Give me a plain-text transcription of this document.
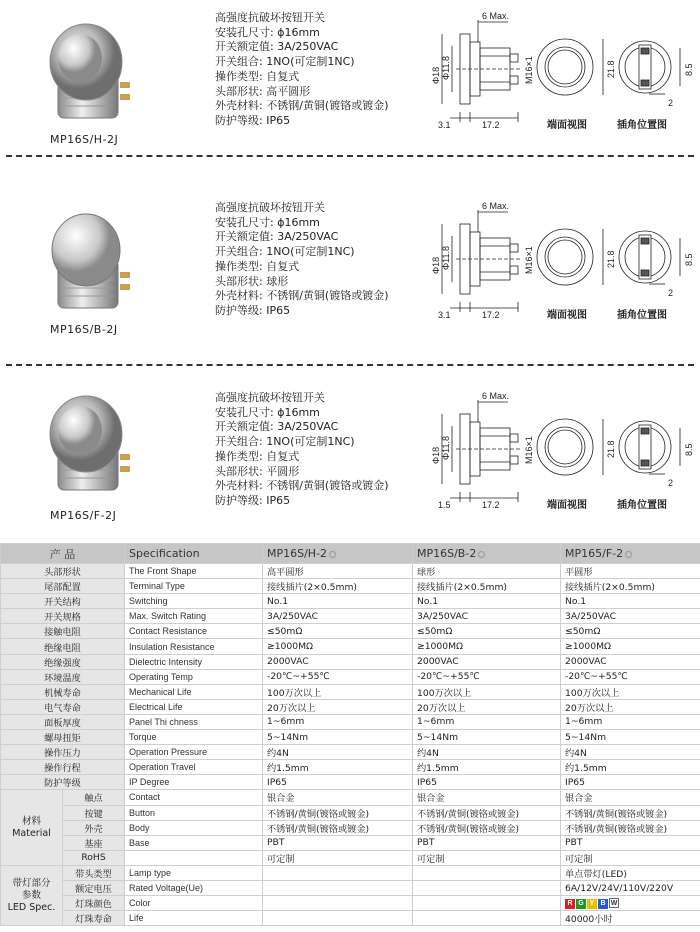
MP16S/H-2J
高强度抗破坏按钮开关
安装孔尺寸: ϕ16mm
开关额定值: 3A/250VAC
开关组合: 1NO(可定制1NC)
操作类型: 自复式
头部形状: 高平圆形
外壳材料: 不锈钢/黄铜(镀铬或镀金)
防护等级: IP65
6 Max.
Φ18 Φ11.8	M16×1
3.1	17.2
21.8	8.5
2
端面视图	插角位置图
MP16S/B-2J
高强度抗破坏按钮开关
安装孔尺寸: ϕ16mm
开关额定值: 3A/250VAC
开关组合: 1NO(可定制1NC)
操作类型: 自复式
头部形状: 球形
外壳材料: 不锈钢/黄铜(镀铬或镀金)
防护等级: IP65
6 Max.
Φ18 Φ11.8	M16×1
3.1	17.2
21.8	8.5
2
端面视图	插角位置图
MP16S/F-2J
高强度抗破坏按钮开关
安装孔尺寸: ϕ16mm
开关额定值: 3A/250VAC
开关组合: 1NO(可定制1NC)
操作类型: 自复式
头部形状: 平圆形
外壳材料: 不锈钢/黄铜(镀铬或镀金)
防护等级: IP65
6 Max.
Φ18 Φ11.8	M16×1
1.5	17.2
21.8	8.5
2
端面视图	插角位置图
产 品		Specification	MP16S/H-2	MP16S/B-2	MP165/F-2
头部形状		The Front Shape	高平圆形	球形	平圆形
尾部配置		Terminal Type	接线插片(2×0.5mm)	接线插片(2×0.5mm)	接线插片(2×0.5mm)
开关结构		Switching	No.1	No.1	No.1
开关规格		Max. Switch Rating	3A/250VAC	3A/250VAC	3A/250VAC
接触电阻		Contact Resistance	≤50mΩ	≤50mΩ	≤50mΩ
绝缘电阻		Insulation Resistance	≥1000MΩ	≥1000MΩ	≥1000MΩ
绝缘强度		Dielectric Intensity	2000VAC	2000VAC	2000VAC
环境温度		Operating Temp	-20℃~+55℃	-20℃~+55℃	-20℃~+55℃
机械寿命		Mechanical Life	100万次以上	100万次以上	100万次以上
电气寿命		Electrical Life	20万次以上	20万次以上	20万次以上
面板厚度		Panel Thi chness	1~6mm	1~6mm	1~6mm
螺母扭矩		Torque	5~14Nm	5~14Nm	5~14Nm
操作压力		Operation Pressure	约4N	约4N	约4N
操作行程		Operation Travel	约1.5mm	约1.5mm	约1.5mm
防护等级		IP Degree	IP65	IP65	IP65

材料
Material	触点	Contact	银合金	银合金	银合金
	按键	Button	不锈钢/黄铜(镀铬或镀金)	不锈钢/黄铜(镀铬或镀金)	不锈钢/黄铜(镀铬或镀金)
	外壳	Body	不锈钢/黄铜(镀铬或镀金)	不锈钢/黄铜(镀铬或镀金)	不锈钢/黄铜(镀铬或镀金)
	基座	Base	PBT	PBT	PBT
	RoHS		可定制	可定制	可定制

带灯部分
参数
LED Spec.	带头类型	Lamp type			单点带灯(LED)
	额定电压	Rated Voltage(Ue)			6A/12V/24V/110V/220V
	灯珠颜色	Color			R G Y B W
	灯珠寿命	Life			40000小时
